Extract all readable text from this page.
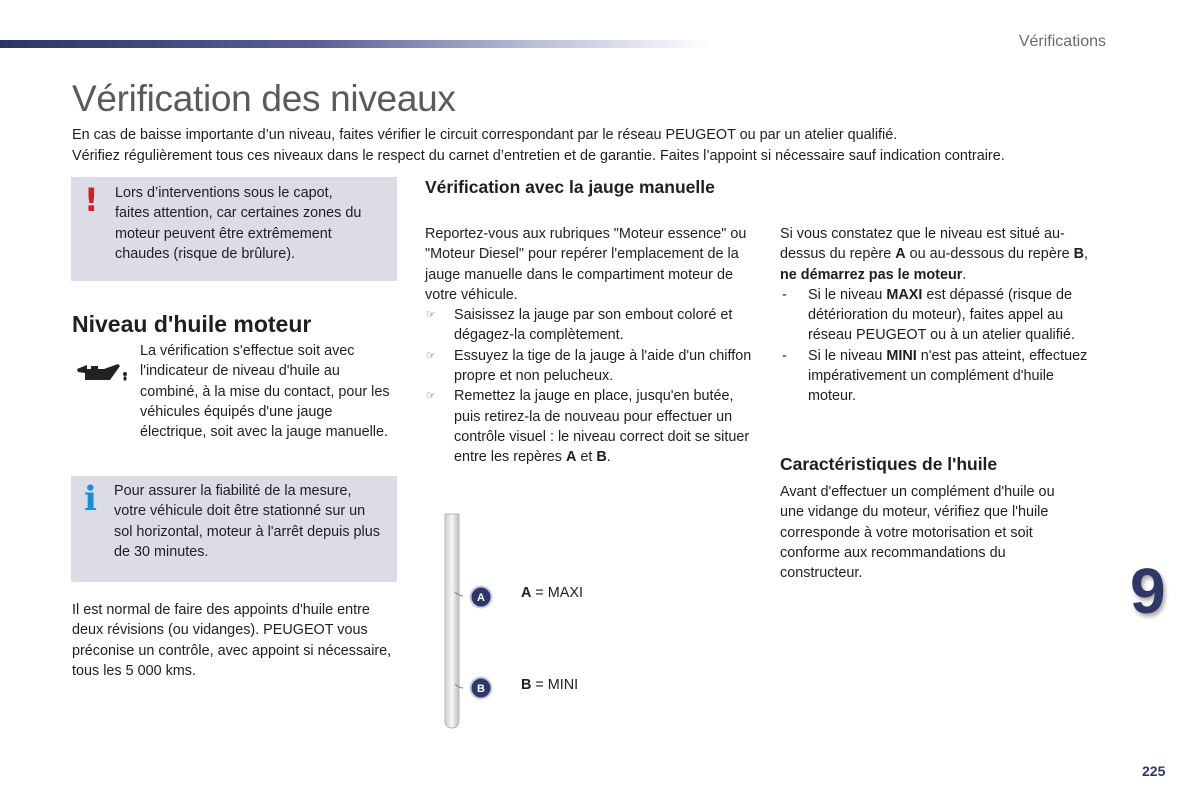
Vérifications
Vérification des niveaux

En cas de baisse importante d’un niveau, faites vérifier le circuit correspondant par le réseau PEUGEOT ou par un atelier qualifié.

Vérifiez régulièrement tous ces niveaux dans le respect du carnet d’entretien et de garantie. Faites l’appoint si nécessaire sauf indication contraire.

! Lors d’interventions sous le capot, faites attention, car certaines zones du moteur peuvent être extrêmement chaudes (risque de brûlure).
Niveau d'huile moteur
La vérification s'effectue soit avec l'indicateur de niveau d'huile au combiné, à la mise du contact, pour les véhicules équipés d'une jauge électrique, soit avec la jauge manuelle.
i Pour assurer la fiabilité de la mesure, votre véhicule doit être stationné sur un sol horizontal, moteur à l'arrêt depuis plus de 30 minutes.
Il est normal de faire des appoints d'huile entre deux révisions (ou vidanges). PEUGEOT vous préconise un contrôle, avec appoint si nécessaire, tous les 5 000 kms.
Vérification avec la jauge manuelle

Reportez-vous aux rubriques "Moteur essence" ou "Moteur Diesel" pour repérer l'emplacement de la jauge manuelle dans le compartiment moteur de votre véhicule.

☞ Saisissez la jauge par son embout coloré et dégagez-la complètement.
☞ Essuyez la tige de la jauge à l'aide d'un chiffon propre et non pelucheux.
☞ Remettez la jauge en place, jusqu'en butée, puis retirez-la de nouveau pour effectuer un contrôle visuel : le niveau correct doit se situer entre les repères A et B.
A
B
A = MAXI
B = MINI

Si vous constatez que le niveau est situé au-dessus du repère A ou au-dessous du repère B, ne démarrez pas le moteur.

- Si le niveau MAXI est dépassé (risque de détérioration du moteur), faites appel au réseau PEUGEOT ou à un atelier qualifié.
- Si le niveau MINI n'est pas atteint, effectuez impérativement un complément d'huile moteur.
Caractéristiques de l'huile
Avant d'effectuer un complément d'huile ou une vidange du moteur, vérifiez que l'huile corresponde à votre motorisation et soit conforme aux recommandations du constructeur.	9
225
